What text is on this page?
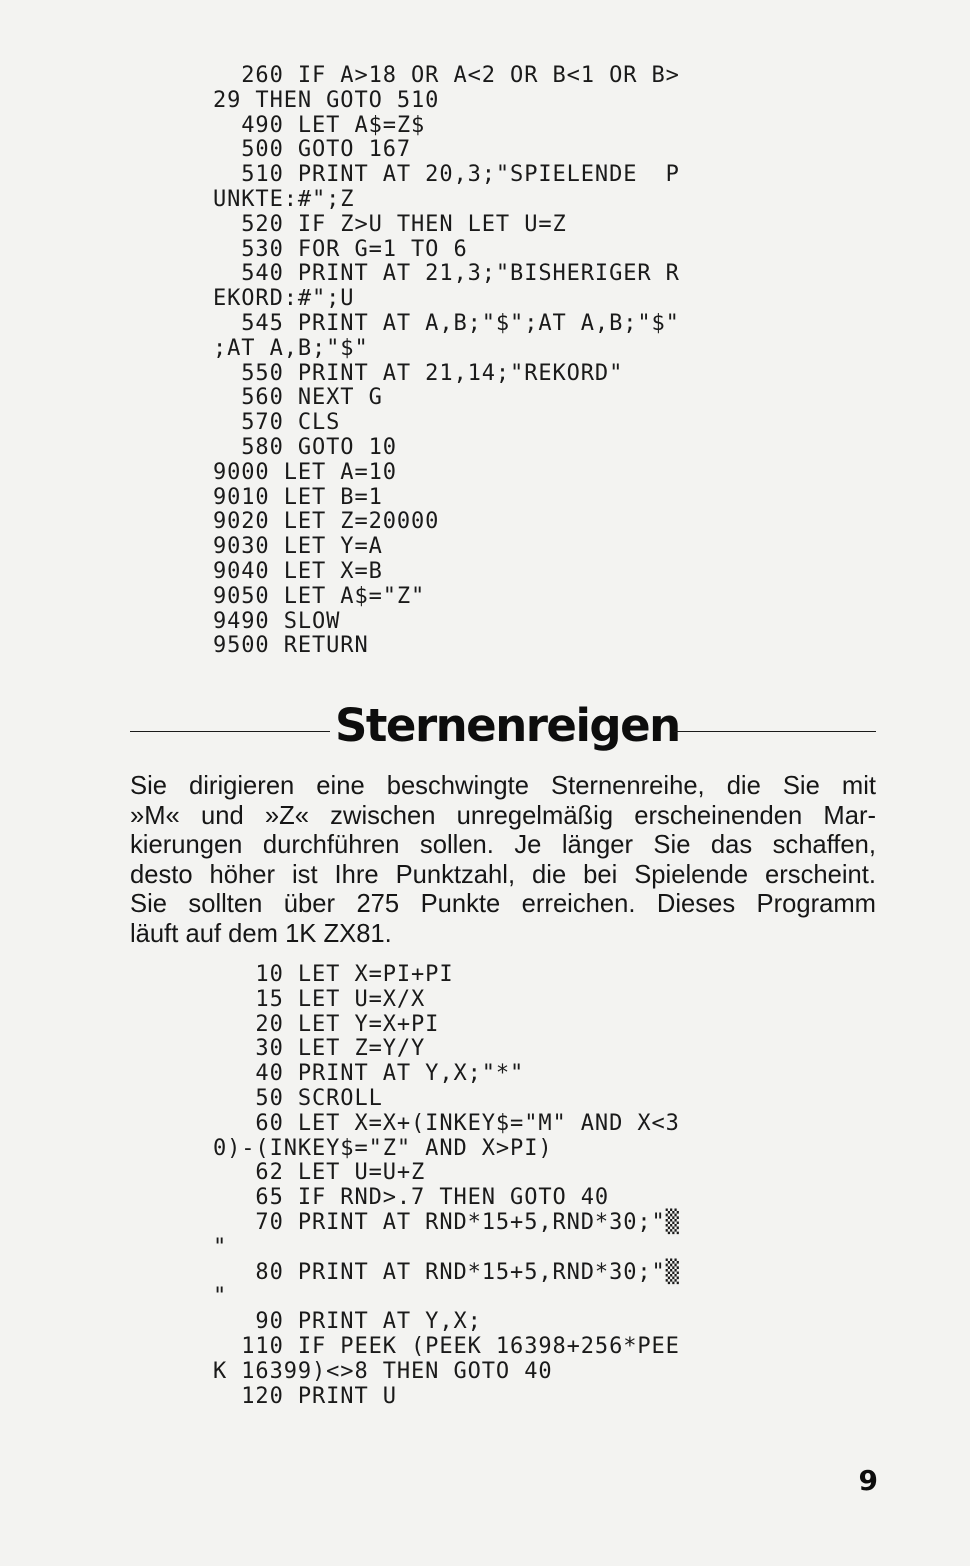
260 IF A>18 OR A<2 OR B<1 OR B>
29 THEN GOTO 510
490 LET A$=Z$
500 GOTO 167
510 PRINT AT 20,3;"SPIELENDE  P
UNKTE:#";Z
520 IF Z>U THEN LET U=Z
530 FOR G=1 TO 6
540 PRINT AT 21,3;"BISHERIGER R
EKORD:#";U
545 PRINT AT A,B;"$";AT A,B;"$"
;AT A,B;"$"
550 PRINT AT 21,14;"REKORD"
560 NEXT G
570 CLS
580 GOTO 10
9000 LET A=10
9010 LET B=1
9020 LET Z=20000
9030 LET Y=A
9040 LET X=B
9050 LET A$="Z"
9490 SLOW
9500 RETURN
Sternenreigen
Sie dirigieren eine beschwingte Sternenreihe, die Sie mit
»M« und »Z« zwischen unregelmäßig erscheinenden Mar-
kierungen durchführen sollen. Je länger Sie das schaffen,
desto höher ist Ihre Punktzahl, die bei Spielende erscheint.
Sie sollten über 275 Punkte erreichen. Dieses Programm
läuft auf dem 1K ZX81.
10 LET X=PI+PI
15 LET U=X/X
20 LET Y=X+PI
30 LET Z=Y/Y
40 PRINT AT Y,X;"*"
50 SCROLL
60 LET X=X+(INKEY$="M" AND X<3
0)-(INKEY$="Z" AND X>PI)
62 LET U=U+Z
65 IF RND>.7 THEN GOTO 40
70 PRINT AT RND*15+5,RND*30;"▒
"
80 PRINT AT RND*15+5,RND*30;"▒
"
90 PRINT AT Y,X;
110 IF PEEK (PEEK 16398+256*PEE
K 16399)<>8 THEN GOTO 40
120 PRINT U
9
